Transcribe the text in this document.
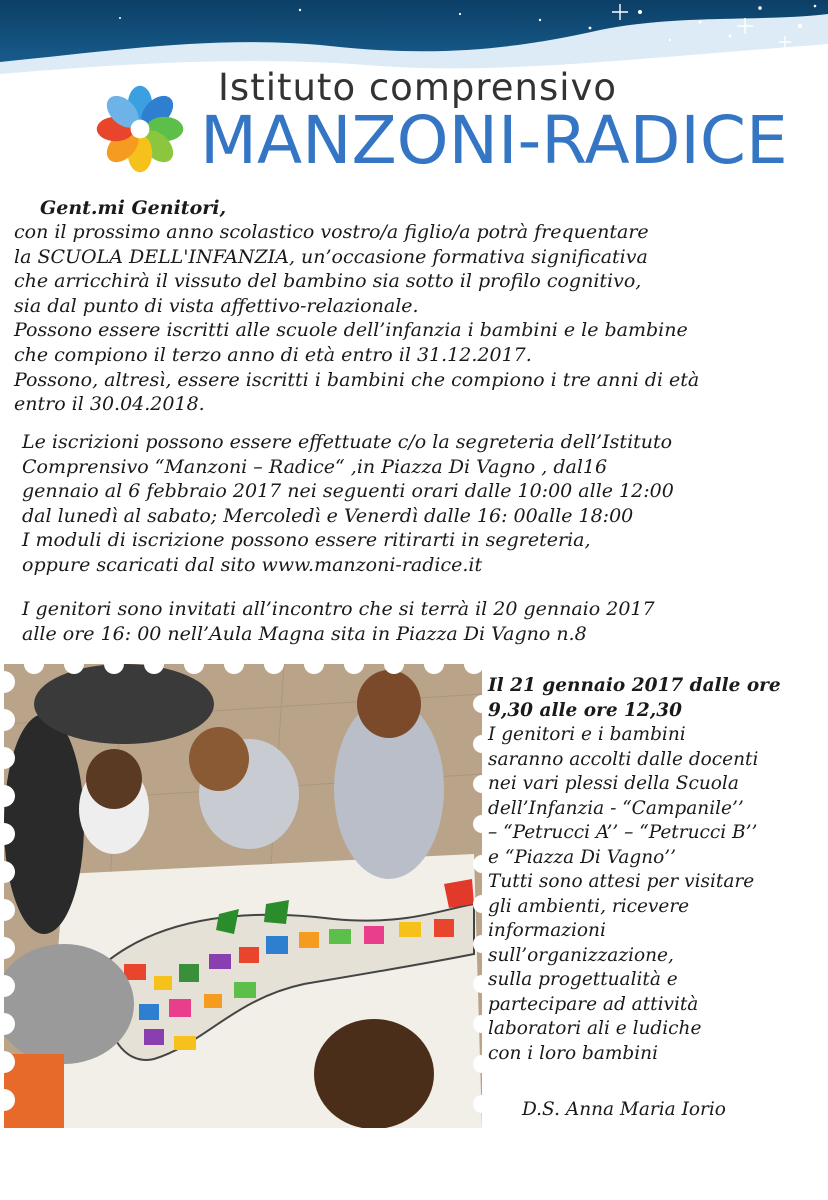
Istituto comprensivo
MANZONI-RADICE
Gent.mi Genitori,
con il prossimo anno scolastico vostro/a figlio/a potrà frequentare
la SCUOLA DELL'INFANZIA, un’occasione formativa significativa
che arricchirà il vissuto del bambino sia sotto il profilo cognitivo,
sia dal punto di vista affettivo-relazionale.
Possono essere iscritti alle scuole dell’infanzia i bambini e le bambine
che compiono il terzo anno di età entro il 31.12.2017.
Possono, altresì, essere iscritti i bambini che compiono i tre anni di età
entro il 30.04.2018.
Le iscrizioni possono essere effettuate c/o la segreteria dell’Istituto
Comprensivo “Manzoni – Radice“ ,in Piazza Di Vagno , dal16
gennaio al 6 febbraio 2017 nei seguenti orari dalle 10:00 alle 12:00
dal lunedì al sabato; Mercoledì e Venerdì dalle 16: 00alle 18:00
I moduli di iscrizione possono essere ritirarti in segreteria,
oppure scaricati dal sito www.manzoni-radice.it
I genitori sono invitati all’incontro che si terrà il 20 gennaio 2017
alle ore 16: 00 nell’Aula Magna sita in Piazza Di Vagno n.8
Il 21 gennaio 2017 dalle ore
9,30 alle ore 12,30
I genitori e i bambini
saranno accolti dalle docenti
nei vari plessi della Scuola
dell’Infanzia - “Campanile’’
– “Petrucci A’’ – “Petrucci B’’
e “Piazza Di Vagno’’
Tutti sono attesi per visitare
gli ambienti, ricevere
informazioni
sull’organizzazione,
sulla progettualità e
partecipare ad attività
laboratori ali e ludiche
con i loro bambini
D.S. Anna Maria Iorio
